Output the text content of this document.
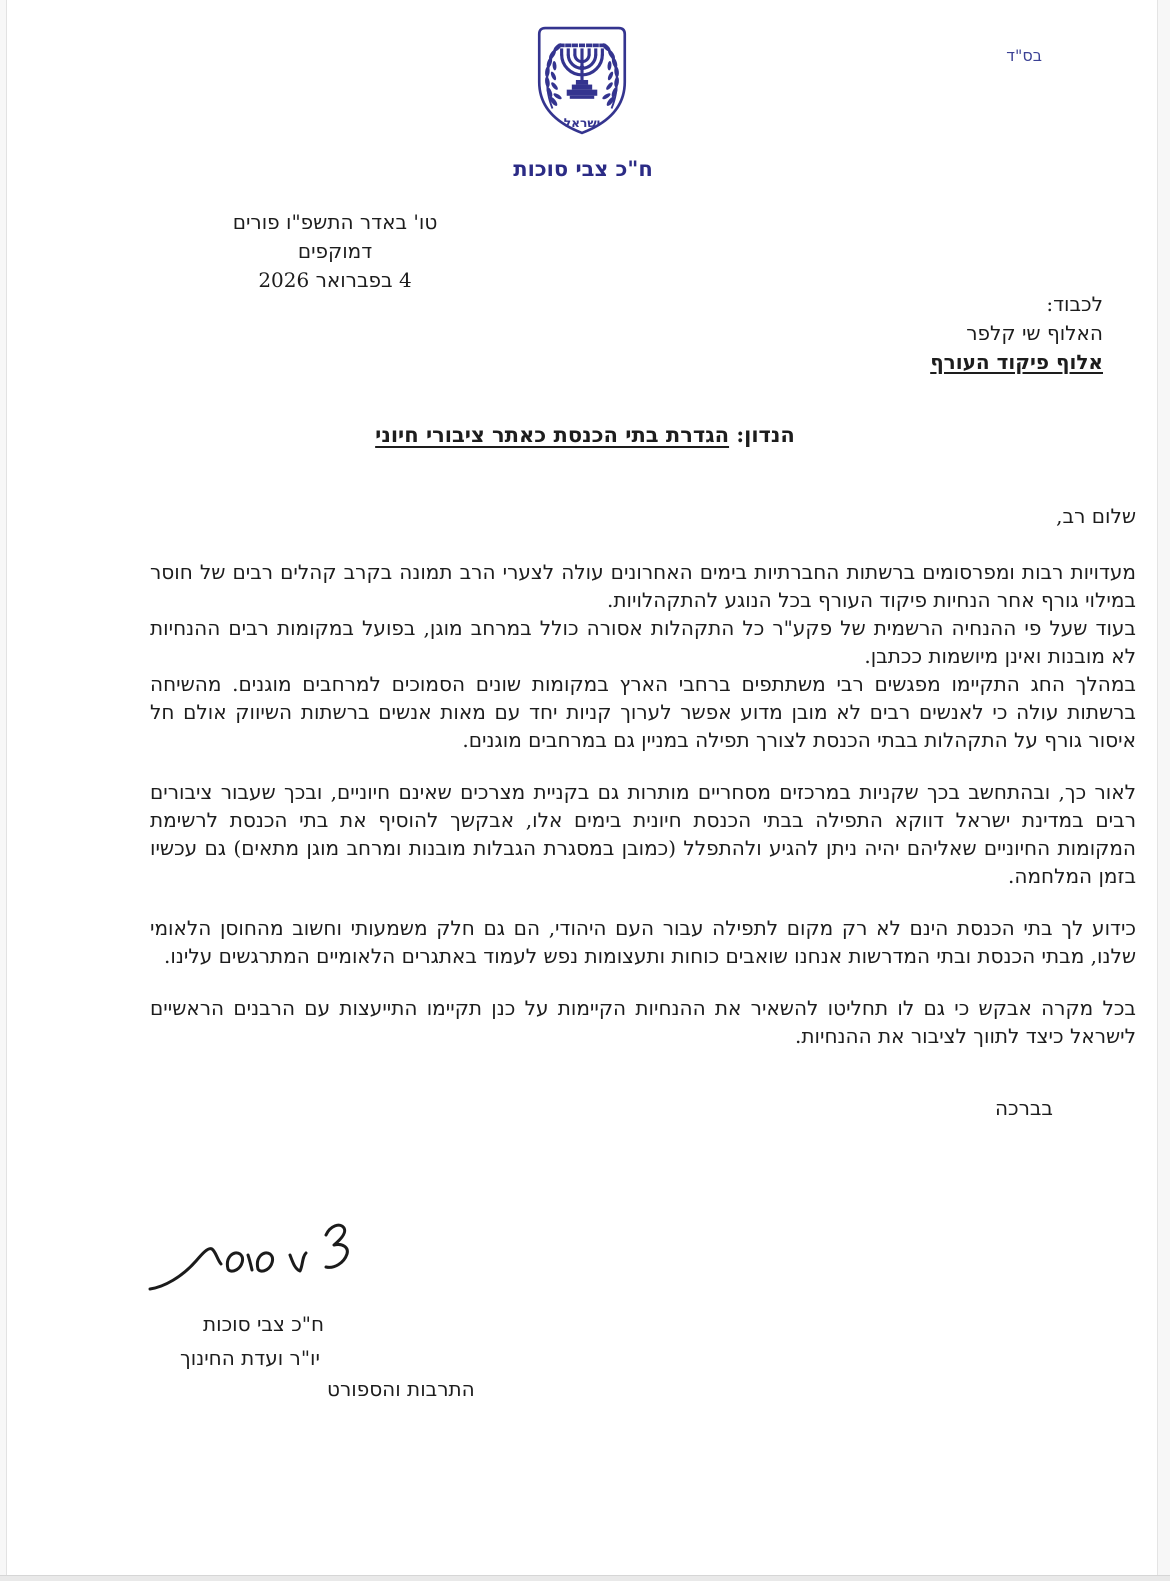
בס"ד
ישראל
ח"כ צבי סוכות
טו' באדר התשפ"ו פורים
דמוקפים
4 בפברואר 2026
לכבוד:
האלוף שי קלפר
אלוף פיקוד העורף
הנדון: הגדרת בתי הכנסת כאתר ציבורי חיוני

שלום רב,

מעדויות רבות ומפרסומים ברשתות החברתיות בימים האחרונים עולה לצערי הרב תמונה בקרב קהלים רבים של חוסר במילוי גורף אחר הנחיות פיקוד העורף בכל הנוגע להתקהלויות.

בעוד שעל פי ההנחיה הרשמית של פקע"ר כל התקהלות אסורה כולל במרחב מוגן, בפועל במקומות רבים ההנחיות לא מובנות ואינן מיושמות ככתבן.

במהלך החג התקיימו מפגשים רבי משתתפים ברחבי הארץ במקומות שונים הסמוכים למרחבים מוגנים. מהשיחה ברשתות עולה כי לאנשים רבים לא מובן מדוע אפשר לערוך קניות יחד עם מאות אנשים ברשתות השיווק אולם חל איסור גורף על התקהלות בבתי הכנסת לצורך תפילה במניין גם במרחבים מוגנים.

לאור כך, ובהתחשב בכך שקניות במרכזים מסחריים מותרות גם בקניית מצרכים שאינם חיוניים, ובכך שעבור ציבורים רבים במדינת ישראל דווקא התפילה בבתי הכנסת חיונית בימים אלו, אבקשך להוסיף את בתי הכנסת לרשימת המקומות החיוניים שאליהם יהיה ניתן להגיע ולהתפלל (כמובן במסגרת הגבלות מובנות ומרחב מוגן מתאים) גם עכשיו בזמן המלחמה.

כידוע לך בתי הכנסת הינם לא רק מקום לתפילה עבור העם היהודי, הם גם חלק משמעותי וחשוב מהחוסן הלאומי שלנו, מבתי הכנסת ובתי המדרשות אנחנו שואבים כוחות ותעצומות נפש לעמוד באתגרים הלאומיים המתרגשים עלינו.

בכל מקרה אבקש כי גם לו תחליטו להשאיר את ההנחיות הקיימות על כנן תקיימו התייעצות עם הרבנים הראשיים לישראל כיצד לתווך לציבור את ההנחיות.

בברכה
ח"כ צבי סוכות
יו"ר ועדת החינוך
התרבות והספורט
